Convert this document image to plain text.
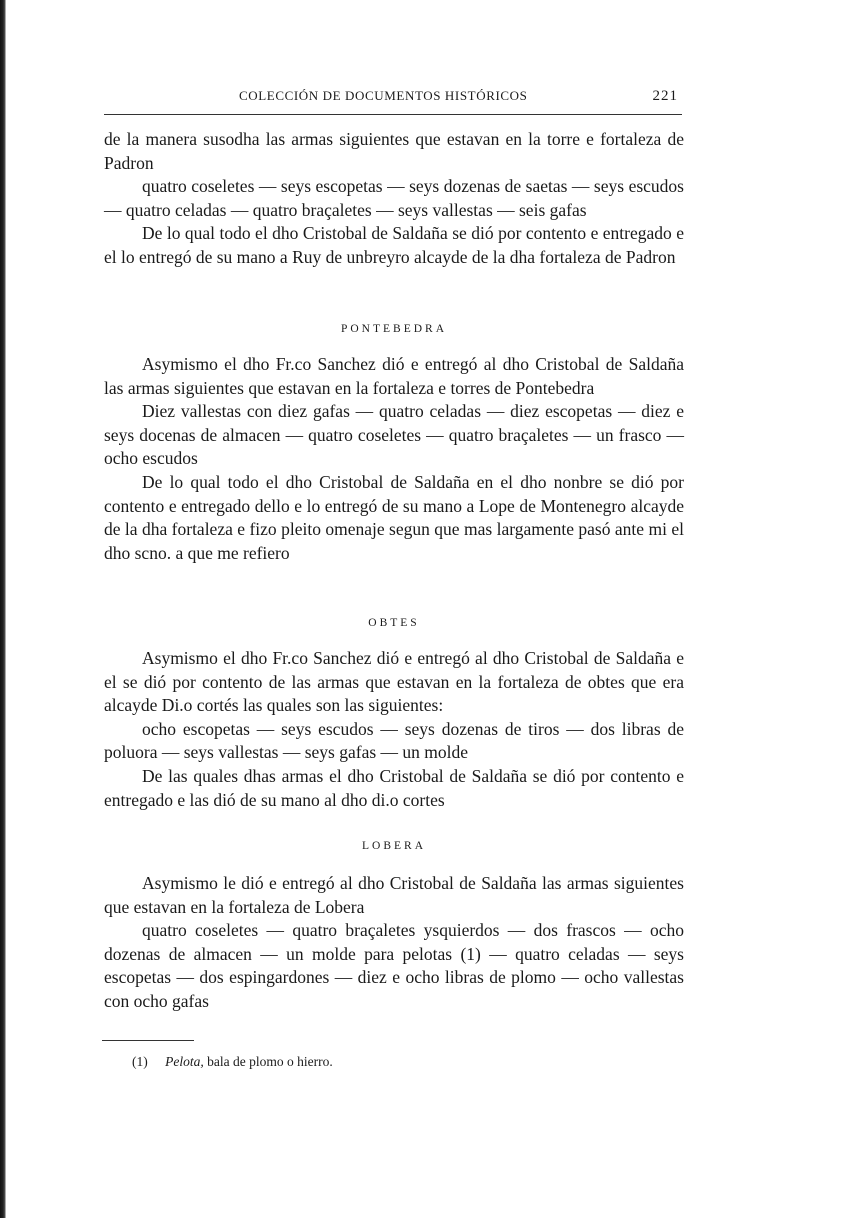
COLECCIÓN DE DOCUMENTOS HISTÓRICOS	221

de la manera susodha las armas siguientes que estavan en la torre e fortaleza de Padron

quatro coseletes — seys escopetas — seys dozenas de saetas — seys escudos — quatro celadas — quatro braçaletes — seys vallestas — seis gafas

De lo qual todo el dho Cristobal de Saldaña se dió por contento e entregado e el lo entregó de su mano a Ruy de unbreyro alcayde de la dha fortaleza de Padron

PONTEBEDRA

Asymismo el dho Fr.co Sanchez dió e entregó al dho Cristobal de Saldaña las armas siguientes que estavan en la fortaleza e torres de Pontebedra

Diez vallestas con diez gafas — quatro celadas — diez escopetas — diez e seys docenas de almacen — quatro coseletes — quatro braçaletes — un frasco — ocho escudos

De lo qual todo el dho Cristobal de Saldaña en el dho nonbre se dió por contento e entregado dello e lo entregó de su mano a Lope de Montenegro alcayde de la dha fortaleza e fizo pleito omenaje segun que mas largamente pasó ante mi el dho scno. a que me refiero

OBTES

Asymismo el dho Fr.co Sanchez dió e entregó al dho Cristobal de Saldaña e el se dió por contento de las armas que estavan en la fortaleza de obtes que era alcayde Di.o cortés las quales son las siguientes:

ocho escopetas — seys escudos — seys dozenas de tiros — dos libras de poluora — seys vallestas — seys gafas — un molde

De las quales dhas armas el dho Cristobal de Saldaña se dió por contento e entregado e las dió de su mano al dho di.o cortes

LOBERA

Asymismo le dió e entregó al dho Cristobal de Saldaña las armas siguientes que estavan en la fortaleza de Lobera

quatro coseletes — quatro braçaletes ysquierdos — dos frascos — ocho dozenas de almacen — un molde para pelotas (1) — quatro celadas — seys escopetas — dos espingardones — diez e ocho libras de plomo — ocho vallestas con ocho gafas

(1) Pelota, bala de plomo o hierro.
